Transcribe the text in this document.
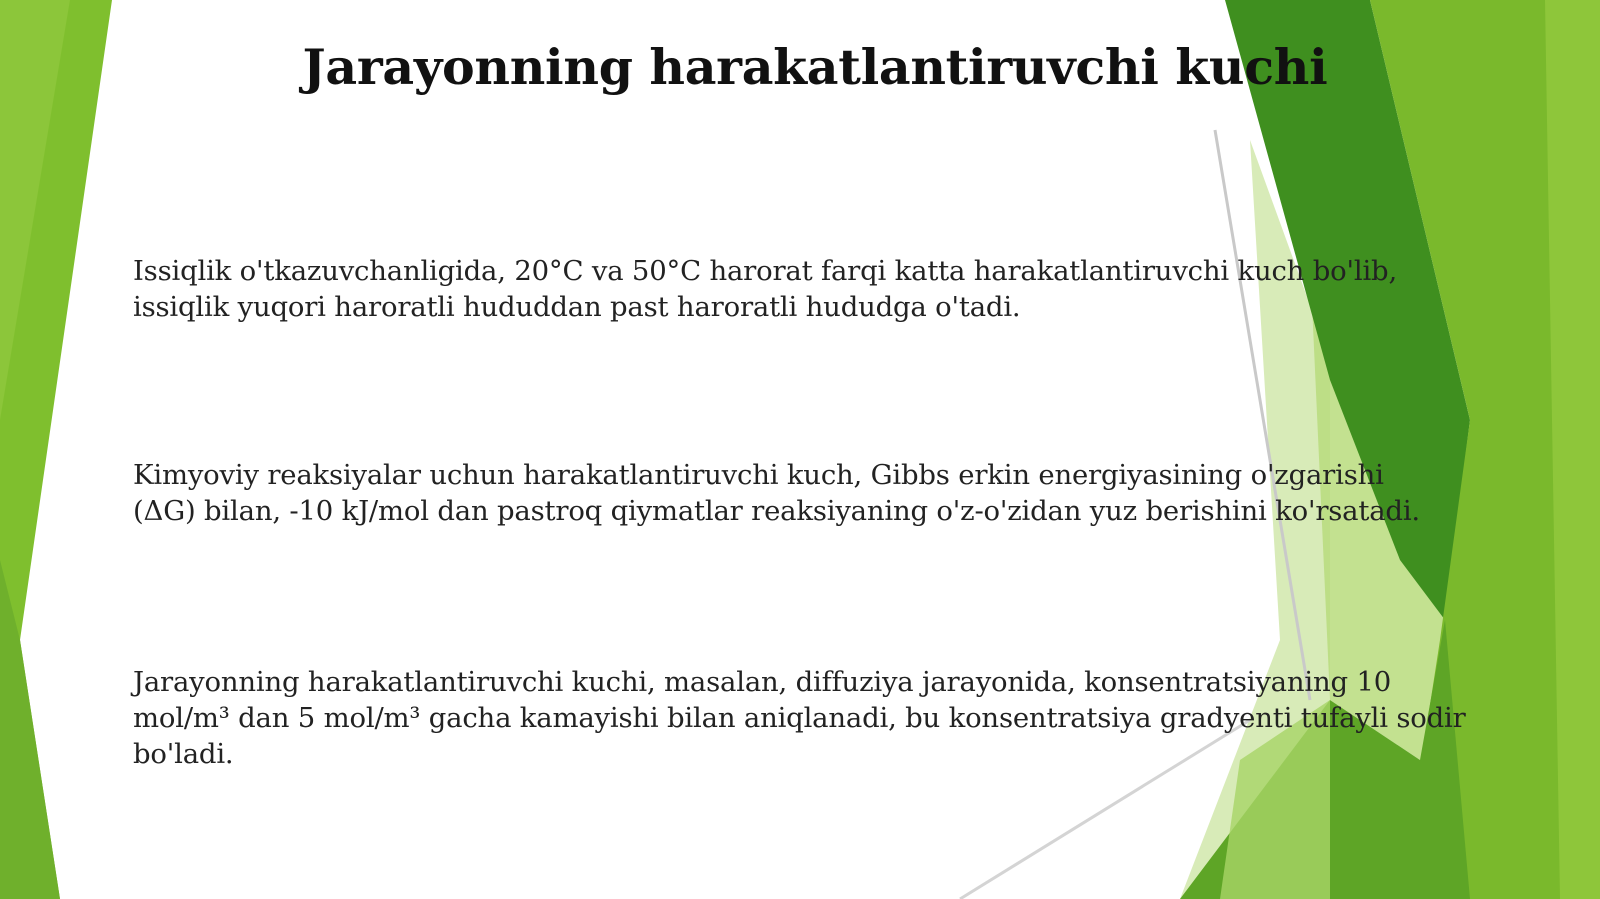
Jarayonning harakatlantiruvchi kuchi

Issiqlik o'tkazuvchanligida, 20°C va 50°C harorat farqi katta harakatlantiruvchi kuch bo'lib,
issiqlik yuqori haroratli hududdan past haroratli hududga o'tadi.

Kimyoviy reaksiyalar uchun harakatlantiruvchi kuch, Gibbs erkin energiyasining o'zgarishi
(ΔG) bilan, -10 kJ/mol dan pastroq qiymatlar reaksiyaning o'z-o'zidan yuz berishini ko'rsatadi.

Jarayonning harakatlantiruvchi kuchi, masalan, diffuziya jarayonida, konsentratsiyaning 10
mol/m³ dan 5 mol/m³ gacha kamayishi bilan aniqlanadi, bu konsentratsiya gradyenti tufayli sodir
bo'ladi.
